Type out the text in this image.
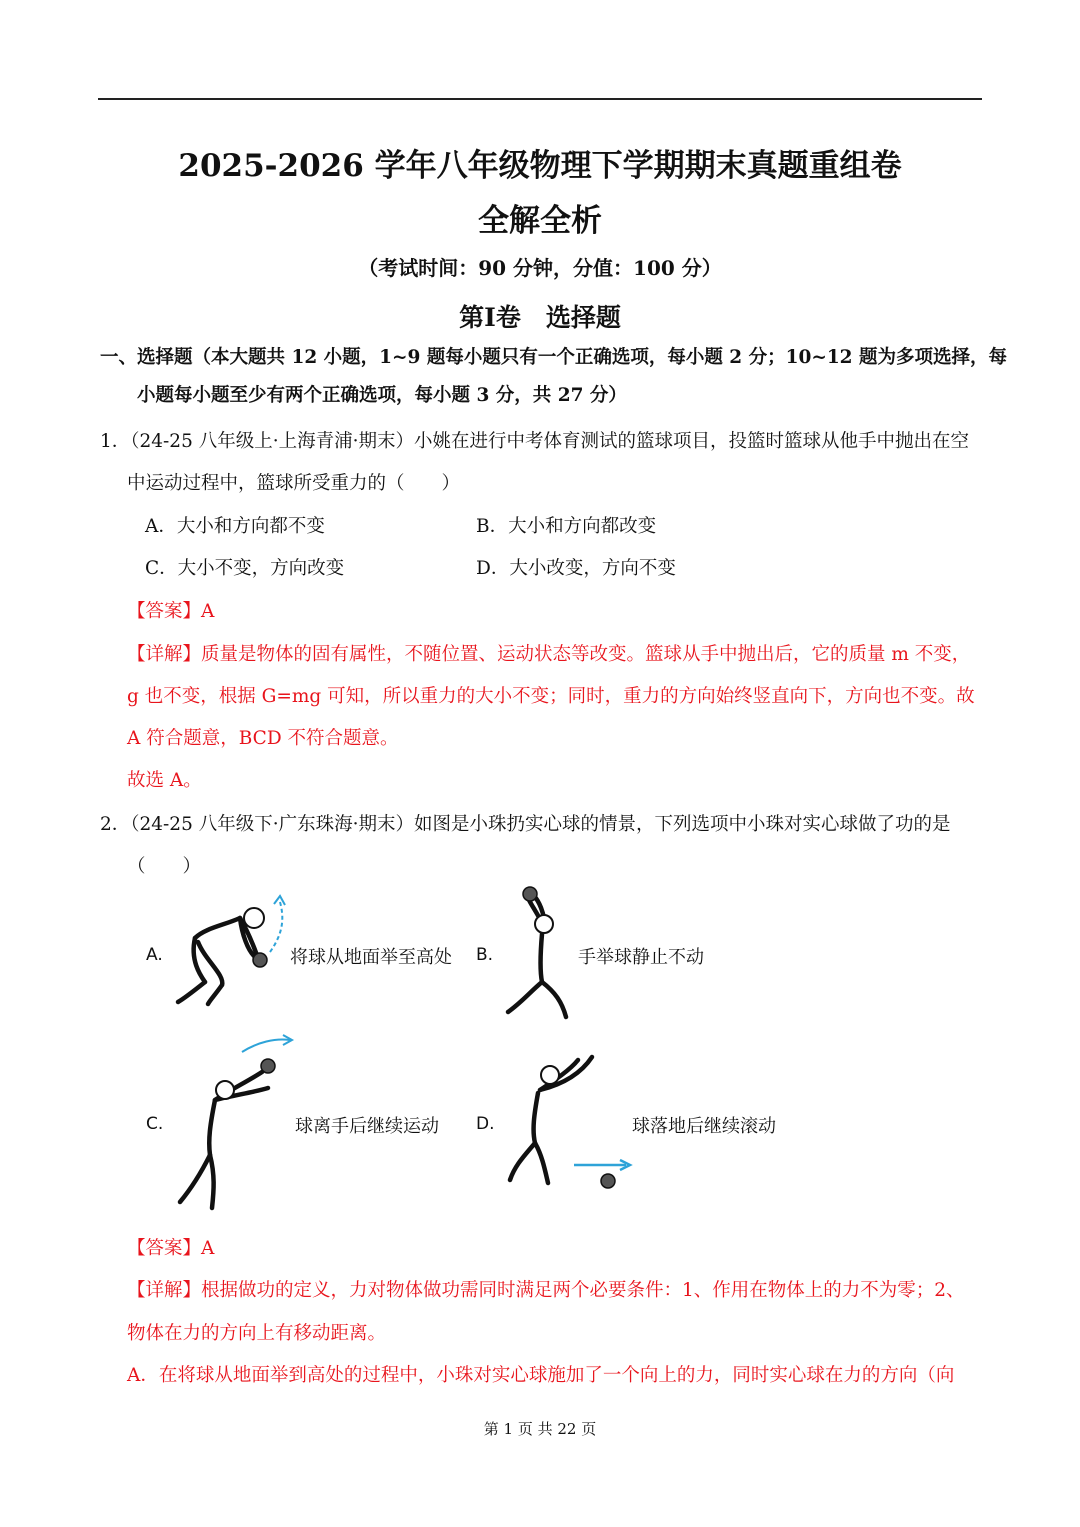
2025-2026 学年八年级物理下学期期末真题重组卷
全解全析
（考试时间：90 分钟，分值：100 分）
第Ⅰ卷　选择题
一、选择题（本大题共 12 小题，1~9 题每小题只有一个正确选项，每小题 2 分；10~12 题为多项选择，每
小题每小题至少有两个正确选项，每小题 3 分，共 27 分）
1．（24-25 八年级上·上海青浦·期末）小姚在进行中考体育测试的篮球项目，投篮时篮球从他手中抛出在空
中运动过程中，篮球所受重力的（　　）
A．大小和方向都不变	B．大小和方向都改变
C．大小不变，方向改变	D．大小改变，方向不变
【答案】A
【详解】质量是物体的固有属性，不随位置、运动状态等改变。篮球从手中抛出后，它的质量 m 不变，
g 也不变，根据 G=mg 可知，所以重力的大小不变；同时，重力的方向始终竖直向下，方向也不变。故
A 符合题意，BCD 不符合题意。
故选 A。
2．（24-25 八年级下·广东珠海·期末）如图是小珠扔实心球的情景，下列选项中小珠对实心球做了功的是
（　　）
A.	将球从地面举至高处 B.	手举球静止不动
C.	球离手后继续运动 D.	球落地后继续滚动
【答案】A
【详解】根据做功的定义，力对物体做功需同时满足两个必要条件：1、作用在物体上的力不为零；2、
物体在力的方向上有移动距离。
A．在将球从地面举到高处的过程中，小珠对实心球施加了一个向上的力，同时实心球在力的方向（向
第 1 页 共 22 页
